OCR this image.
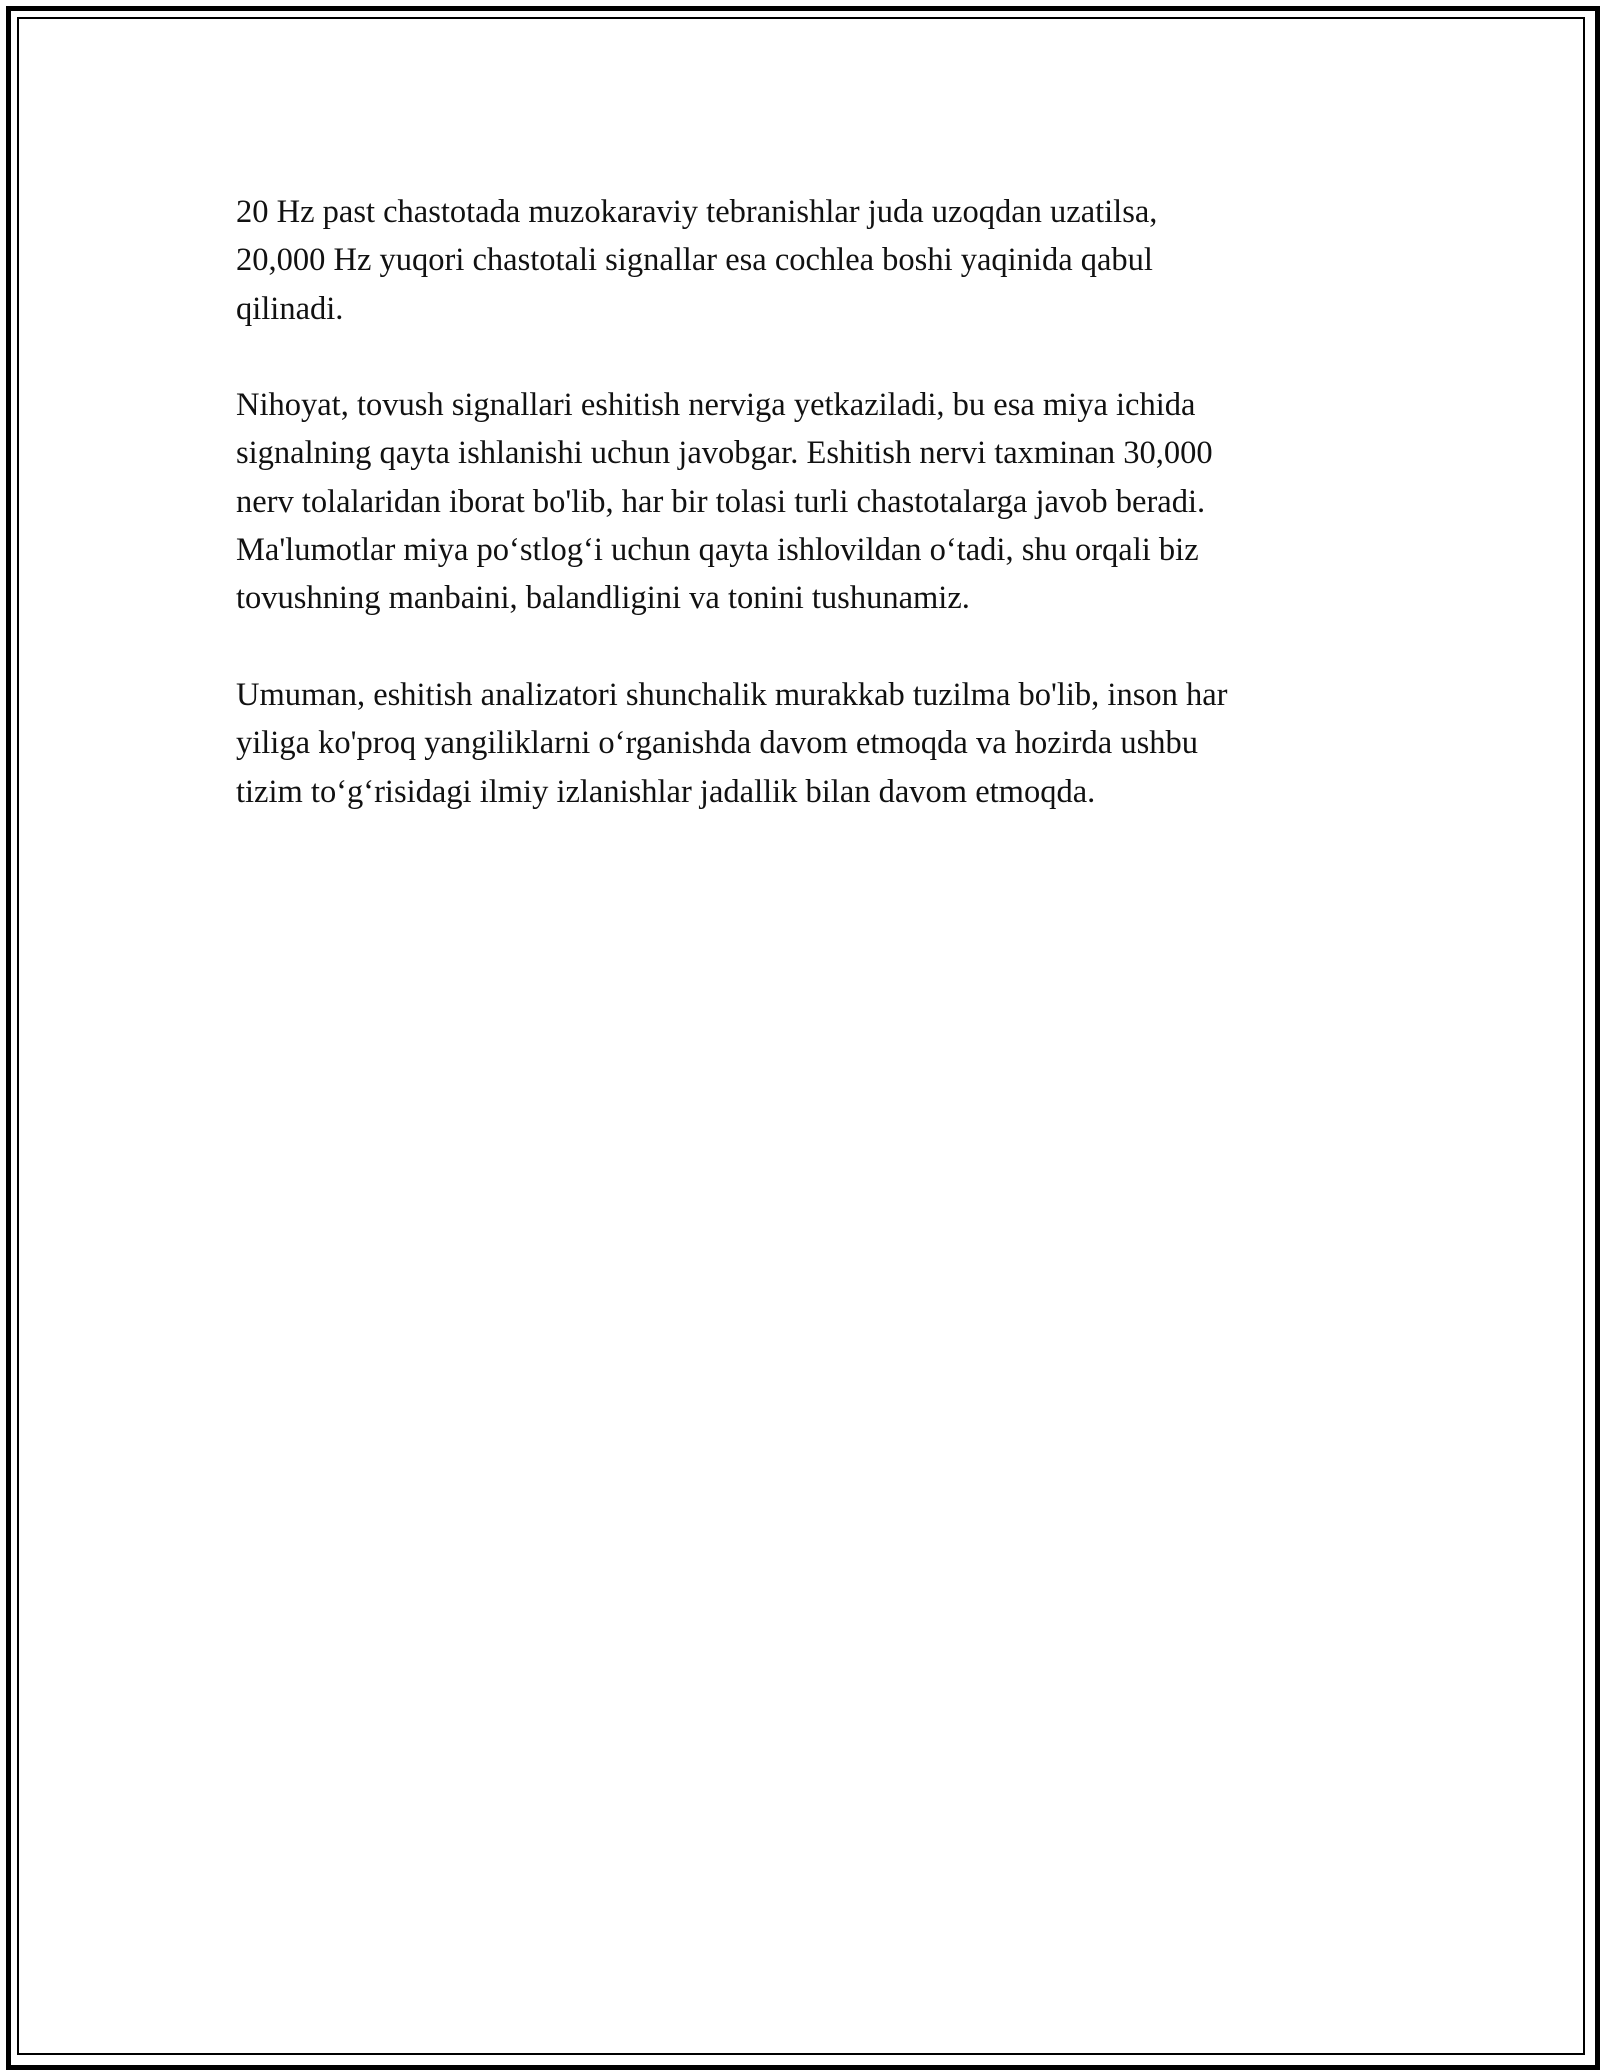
20 Hz past chastotada muzokaraviy tebranishlar juda uzoqdan uzatilsa,
20,000 Hz yuqori chastotali signallar esa cochlea boshi yaqinida qabul
qilinadi.

Nihoyat, tovush signallari eshitish nerviga yetkaziladi, bu esa miya ichida
signalning qayta ishlanishi uchun javobgar. Eshitish nervi taxminan 30,000
nerv tolalaridan iborat bo'lib, har bir tolasi turli chastotalarga javob beradi.
Ma'lumotlar miya po‘stlog‘i uchun qayta ishlovildan o‘tadi, shu orqali biz
tovushning manbaini, balandligini va tonini tushunamiz.

Umuman, eshitish analizatori shunchalik murakkab tuzilma bo'lib, inson har
yiliga ko'proq yangiliklarni o‘rganishda davom etmoqda va hozirda ushbu
tizim to‘g‘risidagi ilmiy izlanishlar jadallik bilan davom etmoqda.
